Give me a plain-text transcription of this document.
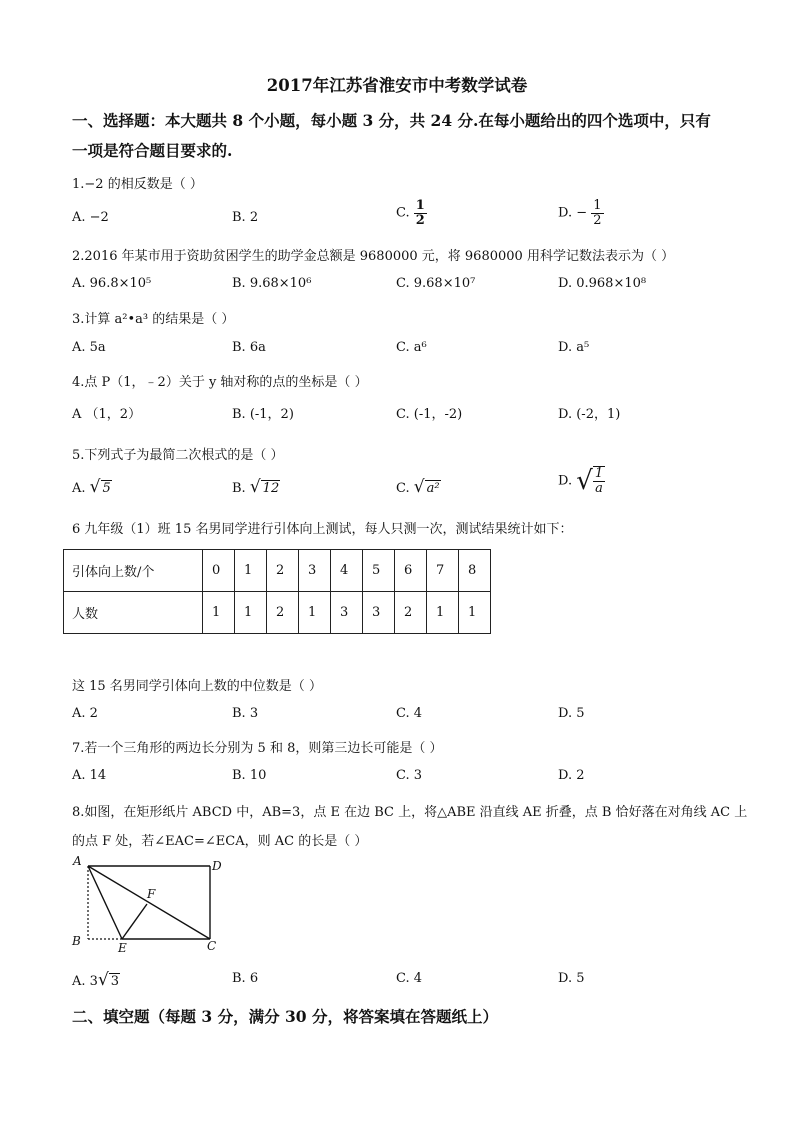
2017年江苏省淮安市中考数学试卷
一、选择题：本大题共 8 个小题，每小题 3 分，共 24 分.在每小题给出的四个选项中，只有
一项是符合题目要求的.
1.−2 的相反数是（ ）
A. −2	B. 2	C. $\frac{1}{2}$	D. − $\frac{1}{2}$
2.2016 年某市用于资助贫困学生的助学金总额是 9680000 元，将 9680000 用科学记数法表示为（ ）
A. 96.8×10⁵	B. 9.68×10⁶	C. 9.68×10⁷	D. 0.968×10⁸
3.计算 a²•a³ 的结果是（ ）
A. 5a	B. 6a	C. a⁶	D. a⁵
4.点 P（1，﹣2）关于 y 轴对称的点的坐标是（ ）
A （1，2）	B. (-1，2)	C. (-1，-2)	D. (-2，1)
5.下列式子为最简二次根式的是（ ）
A. √ 5	B. √ 12	C. √ a²	D. √ $\frac{1}{a}$
6 九年级（1）班 15 名男同学进行引体向上测试，每人只测一次，测试结果统计如下：
引体向上数/个	0	1	2	3	4	5	6	7	8
人数	1	1	2	1	3	3	2	1	1
这 15 名男同学引体向上数的中位数是（ ）
A. 2	B. 3	C. 4	D. 5
7.若一个三角形的两边长分别为 5 和 8，则第三边长可能是（ ）
A. 14	B. 10	C. 3	D. 2
8.如图，在矩形纸片 ABCD 中，AB=3，点 E 在边 BC 上，将△ABE 沿直线 AE 折叠，点 B 恰好落在对角线 AC 上
的点 F 处，若∠EAC=∠ECA，则 AC 的长是（ ）
A	D
B	C
E
F
A. 3√ 3	B. 6	C. 4	D. 5
二、填空题（每题 3 分，满分 30 分，将答案填在答题纸上）
